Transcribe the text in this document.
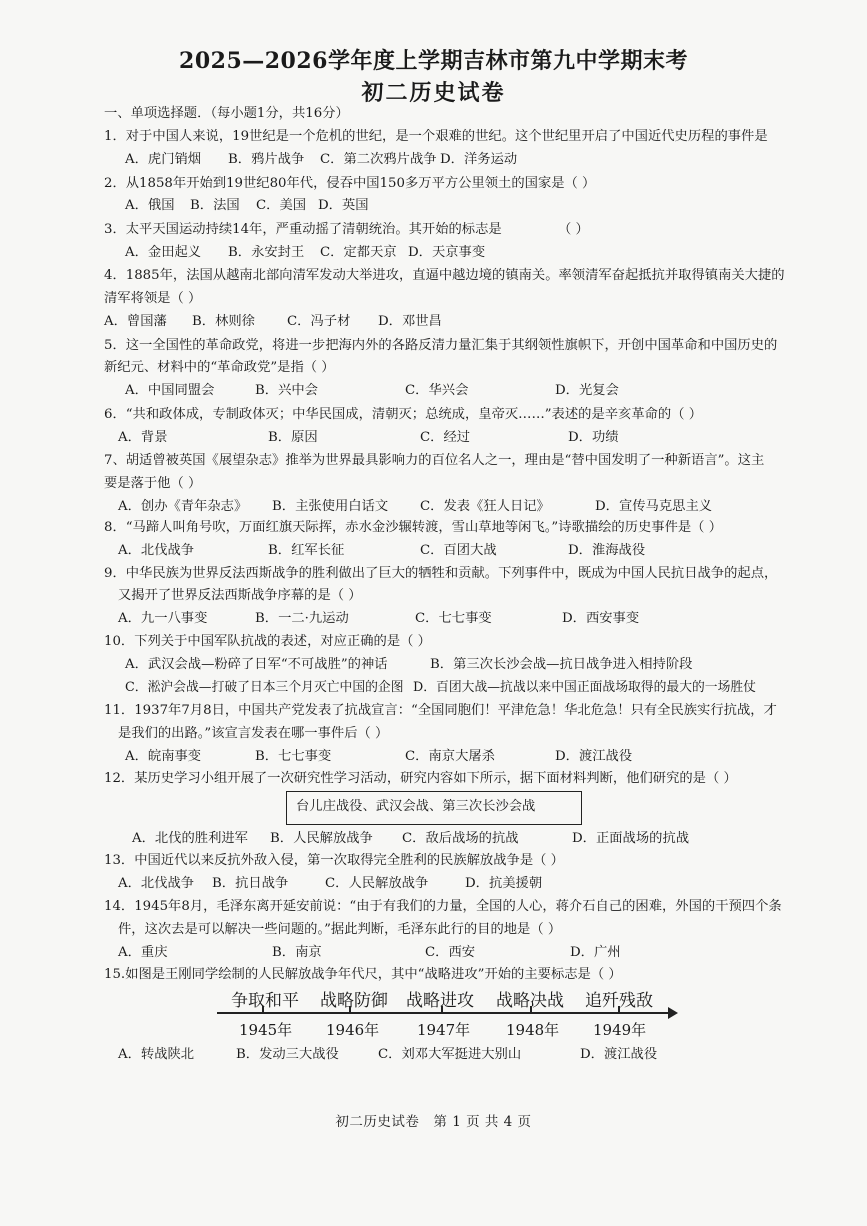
2025—2026学年度上学期吉林市第九中学期末考
初二历史试卷
一、单项选择题．（每小题1分，共16分）
1．对于中国人来说，19世纪是一个危机的世纪，是一个艰难的世纪。这个世纪里开启了中国近代史历程的事件是
A．虎门销烟 B．鸦片战争 C．第二次鸦片战争 D．洋务运动
2．从1858年开始到19世纪80年代，侵吞中国150多万平方公里领土的国家是（ ）
A．俄国 B．法国 C．美国 D．英国
3．太平天国运动持续14年，严重动摇了清朝统治。其开始的标志是	（ ）
A．金田起义 B．永安封王 C．定都天京 D．天京事变
4．1885年，法国从越南北部向清军发动大举进攻，直逼中越边境的镇南关。率领清军奋起抵抗并取得镇南关大捷的
清军将领是（ ）
A．曾国藩 B．林则徐 C．冯子材 D．邓世昌
5．这一全国性的革命政党，将进一步把海内外的各路反清力量汇集于其纲领性旗帜下，开创中国革命和中国历史的
新纪元、材料中的“革命政党”是指（ ）
A．中国同盟会	B．兴中会	C．华兴会	D．光复会
6．“共和政体成，专制政体灭；中华民国成，清朝灭；总统成，皇帝灭……”表述的是辛亥革命的（ ）
A．背景	B．原因	C．经过	D．功绩
7、胡适曾被英国《展望杂志》推举为世界最具影响力的百位名人之一，理由是“替中国发明了一种新语言”。这主
要是落于他（ ）
A．创办《青年杂志》 B．主张使用白话文 C．发表《狂人日记》	D．宣传马克思主义
8．“马蹄人叫角号吹，万面红旗天际挥，赤水金沙辗转渡，雪山草地等闲飞。”诗歌描绘的历史事件是（ ）
A．北伐战争	B．红军长征	C．百团大战	D．淮海战役
9．中华民族为世界反法西斯战争的胜利做出了巨大的牺牲和贡献。下列事件中，既成为中国人民抗日战争的起点，
又揭开了世界反法西斯战争序幕的是（ ）
A．九一八事变	B．一二·九运动	C．七七事变	D．西安事变
10．下列关于中国军队抗战的表述，对应正确的是（ ）
A．武汉会战—粉碎了日军“不可战胜”的神话	B．第三次长沙会战—抗日战争进入相持阶段
C．淞沪会战—打破了日本三个月灭亡中国的企图 D．百团大战—抗战以来中国正面战场取得的最大的一场胜仗
11．1937年7月8日，中国共产党发表了抗战宣言：“全国同胞们！平津危急！华北危急！只有全民族实行抗战，才
是我们的出路。”该宣言发表在哪一事件后（ ）
A．皖南事变	B．七七事变	C．南京大屠杀	D．渡江战役
12．某历史学习小组开展了一次研究性学习活动，研究内容如下所示，据下面材料判断，他们研究的是（ ）
台儿庄战役、武汉会战、第三次长沙会战
A．北伐的胜利进军 B．人民解放战争 C．敌后战场的抗战	D．正面战场的抗战
13．中国近代以来反抗外敌入侵，第一次取得完全胜利的民族解放战争是（ ）
A．北伐战争 B．抗日战争	C．人民解放战争	D．抗美援朝
14．1945年8月，毛泽东离开延安前说：“由于有我们的力量，全国的人心，蒋介石自己的困难，外国的干预四个条
件，这次去是可以解决一些问题的。”据此判断，毛泽东此行的目的地是（ ）
A．重庆	B．南京	C．西安	D．广州
15.如图是王刚同学绘制的人民解放战争年代尺，其中“战略进攻”开始的主要标志是（ ）
争取和平 战略防御 战略进攻 战略决战 追歼残敌
1945年 1946年	1947年 1948年 1949年
A．转战陕北	B．发动三大战役	C．刘邓大军挺进大别山	D．渡江战役
初二历史试卷　第 1 页 共 4 页
